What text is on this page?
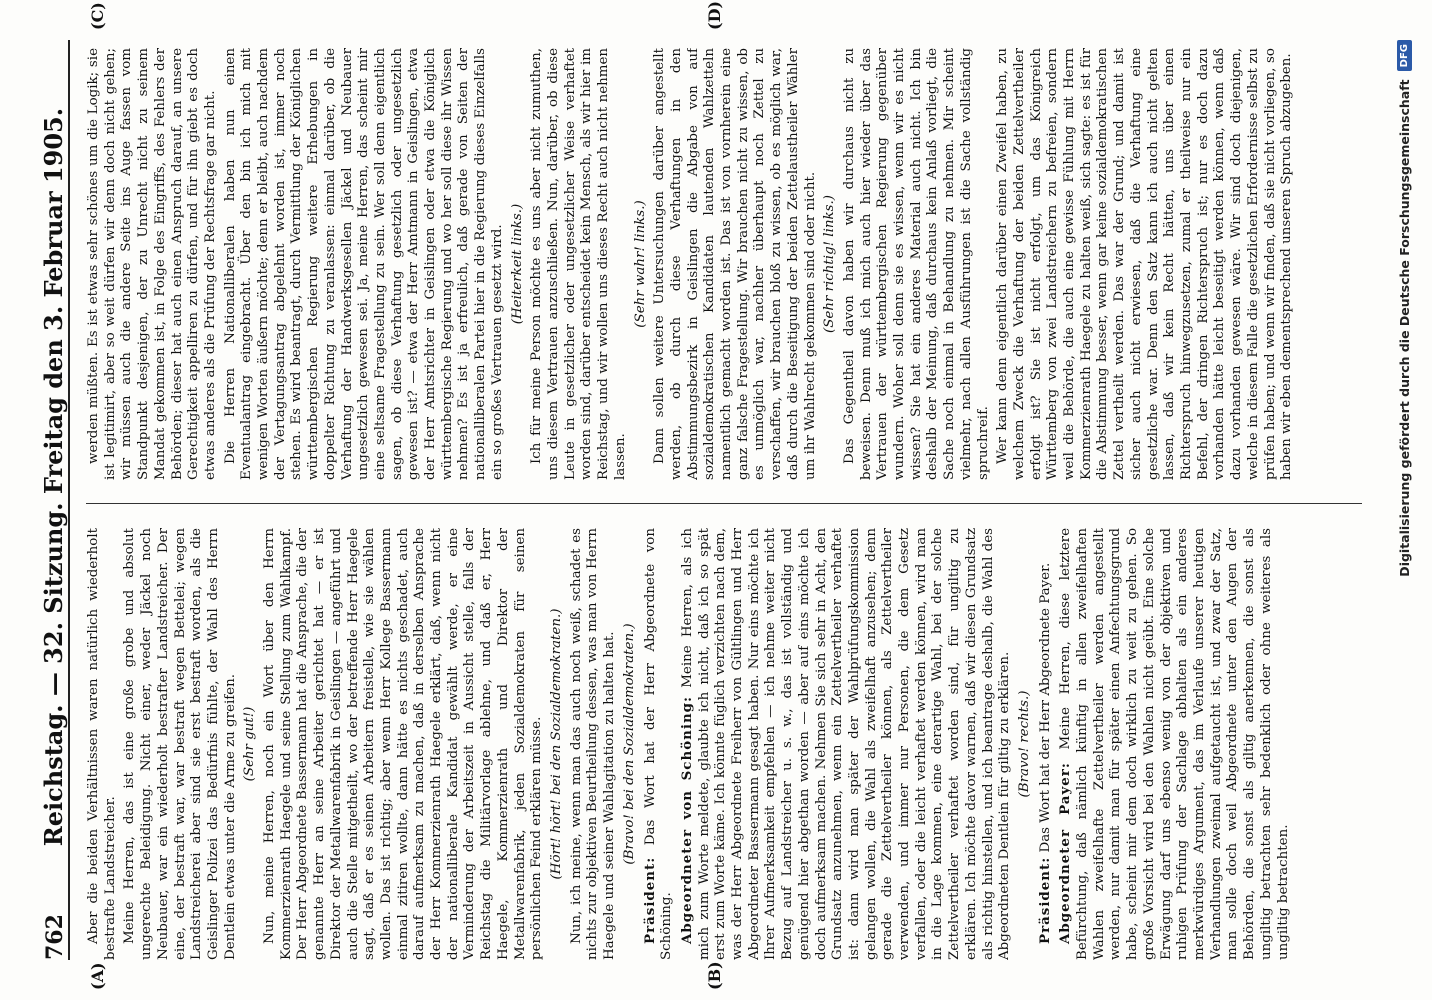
762
Reichstag. — 32. Sitzung. Freitag den 3. Februar 1905.
(A)	(B)
(C)	(D)

Aber die beiden Verhältnissen waren natürlich wiederholt bestrafte Landstreicher. Meine Herren, das ist eine große grobe und absolut ungerechte Beleidigung. Nicht einer, weder Jäckel noch Neubauer, war ein wiederholt bestrafter Landstreicher. Der eine, der bestraft war, war bestraft wegen Bettelei; wegen Landstreicherei aber sind sie erst bestraft worden, als die Geislinger Polizei das Bedürfnis fühlte, der Wahl des Herrn Dentlein etwas unter die Arme zu greifen. (Sehr gut!) Nun, meine Herren, noch ein Wort über den Herrn Kommerzienrath Haegele und seine Stellung zum Wahlkampf. Der Herr Abgeordnete Bassermann hat die Ansprache, die der genannte Herr an seine Arbeiter gerichtet hat — er ist Direktor der Metallwarenfabrik in Geislingen — angeführt und auch die Stelle mitgetheilt, wo der betreffende Herr Haegele sagt, daß er es seinen Arbeitern freistelle, wie sie wählen wollen. Das ist richtig; aber wenn Herr Kollege Bassermann einmal zitiren wollte, dann hätte es nichts geschadet, auch darauf aufmerksam zu machen, daß in derselben Ansprache der Herr Kommerzienrath Haegele erklärt, daß, wenn nicht der nationalliberale Kandidat gewählt werde, er eine Verminderung der Arbeitszeit in Aussicht stelle, falls der Reichstag die Militärvorlage ablehne, und daß er, Herr Haegele, Kommerzienrath und Direktor der Metallwarenfabrik, jeden Sozialdemokraten für seinen persönlichen Feind erklären müsse. (Hört! hört! bei den Sozialdemokraten.) Nun, ich meine, wenn man das auch noch weiß, schadet es nichts zur objektiven Beurtheilung dessen, was man von Herrn Haegele und seiner Wahlagitation zu halten hat. (Bravo! bei den Sozialdemokraten.)

Präsident: Das Wort hat der Herr Abgeordnete von Schöning. Abgeordneter von Schöning: Meine Herren, als ich mich zum Worte meldete, glaubte ich nicht, daß ich so spät erst zum Worte käme. Ich könnte füglich verzichten nach dem, was der Herr Abgeordnete Freiherr von Gültlingen und Herr Abgeordneter Bassermann gesagt haben. Nur eins möchte ich Ihrer Aufmerksamkeit empfehlen — ich nehme weiter nicht Bezug auf Landstreicher u. s. w., das ist vollständig und genügend hier abgethan worden — aber auf eins möchte ich doch aufmerksam machen. Nehmen Sie sich sehr in Acht, den Grundsatz anzunehmen, wenn ein Zettelvertheiler verhaftet ist: dann wird man später der Wahlprüfungskommission gelangen wollen, die Wahl als zweifelhaft anzusehen; denn gerade die Zettelvertheiler können, als Zettelvertheiler verwenden, und immer nur Personen, die dem Gesetz verfallen, oder die leicht verhaftet werden können, wird man in die Lage kommen, eine derartige Wahl, bei der solche Zettelvertheiler verhaftet worden sind, für ungiltig zu erklären. Ich möchte davor warnen, daß wir diesen Grundsatz als richtig hinstellen, und ich beantrage deshalb, die Wahl des Abgeordneten Dentlein für giltig zu erklären. (Bravo! rechts.)

Präsident: Das Wort hat der Herr Abgeordnete Payer.

Abgeordneter Payer: Meine Herren, diese letztere Befürchtung, daß nämlich künftig in allen zweifelhaften Wahlen zweifelhafte Zettelvertheiler werden angestellt werden, nur damit man für später einen Anfechtungsgrund habe, scheint mir dem doch wirklich zu weit zu gehen. So große Vorsicht wird bei den Wahlen nicht geübt. Eine solche Erwägung darf uns ebenso wenig von der objektiven und ruhigen Prüfung der Sachlage abhalten als ein anderes merkwürdiges Argument, das im Verlaufe unserer heutigen Verhandlungen zweimal aufgetaucht ist, und zwar der Satz, man solle doch weil Abgeordnete unter den Augen der Behörden, die sonst als giltig anerkennen, die sonst als ungiltig betrachten sehr bedenklich oder ohne weiteres als ungiltig betrachten.

werden müßten. Es ist etwas sehr schönes um die Logik; sie ist legitimirt, aber so weit dürfen wir denn doch nicht gehen; wir müssen auch die andere Seite ins Auge fassen vom Standpunkt desjenigen, der zu Unrecht nicht zu seinem Mandat gekommen ist, in Folge des Eingriffs, des Fehlers der Behörden; dieser hat auch einen Anspruch darauf, an unsere Gerechtigkeit appelliren zu dürfen, und für ihn giebt es doch etwas anderes als die Prüfung der Rechtsfrage gar nicht. Die Herren Nationalliberalen haben nun einen Eventualantrag eingebracht. Über den bin ich mich mit wenigen Worten äußern möchte; denn er bleibt, auch nachdem der Vertagungsantrag abgelehnt worden ist, immer noch stehen. Es wird beantragt, durch Vermittlung der Königlichen württembergischen Regierung weitere Erhebungen in doppelter Richtung zu veranlassen: einmal darüber, ob die Verhaftung der Handwerksgesellen Jäckel und Neubauer ungesetzlich gewesen sei. Ja, meine Herren, das scheint mir eine seltsame Fragestellung zu sein. Wer soll denn eigentlich sagen, ob diese Verhaftung gesetzlich oder ungesetzlich gewesen ist? — etwa der Herr Amtmann in Geislingen, etwa der Herr Amtsrichter in Geislingen oder etwa die Königlich württembergische Regierung und wo her soll diese ihr Wissen nehmen? Es ist ja erfreulich, daß gerade von Seiten der nationalliberalen Partei hier in die Regierung dieses Einzelfalls ein so großes Vertrauen gesetzt wird. (Heiterkeit links.) Ich für meine Person möchte es uns aber nicht zumuthen, uns diesem Vertrauen anzuschließen. Nun, darüber, ob diese Leute in gesetzlicher oder ungesetzlicher Weise verhaftet worden sind, darüber entscheidet kein Mensch, als wir hier im Reichstag, und wir wollen uns dieses Recht auch nicht nehmen lassen.

(Sehr wahr! links.) Dann sollen weitere Untersuchungen darüber angestellt werden, ob durch diese Verhaftungen in den Abstimmungsbezirk in Geislingen die Abgabe von auf sozialdemokratischen Kandidaten lautenden Wahlzetteln namentlich gemacht worden ist. Das ist von vornherein eine ganz falsche Fragestellung. Wir brauchen nicht zu wissen, ob es unmöglich war, nachher überhaupt noch Zettel zu verschaffen, wir brauchen bloß zu wissen, ob es möglich war, daß durch die Beseitigung der beiden Zettelaustheiler Wähler um ihr Wahlrecht gekommen sind oder nicht. (Sehr richtig! links.) Das Gegentheil davon haben wir durchaus nicht zu beweisen. Denn muß ich mich auch hier wieder über das Vertrauen der württembergischen Regierung gegenüber wundern. Woher soll denn sie es wissen, wenn wir es nicht wissen? Sie hat ein anderes Material auch nicht. Ich bin deshalb der Meinung, daß durchaus kein Anlaß vorliegt, die Sache noch einmal in Behandlung zu nehmen. Mir scheint vielmehr, nach allen Ausführungen ist die Sache vollständig spruchreif. Wer kann denn eigentlich darüber einen Zweifel haben, zu welchem Zweck die Verhaftung der beiden Zettelvertheiler erfolgt ist? Sie ist nicht erfolgt, um das Königreich Württemberg von zwei Landstreichern zu befreien, sondern weil die Behörde, die auch eine gewisse Fühlung mit Herrn Kommerzienrath Haegele zu halten weiß, sich sagte: es ist für die Abstimmung besser, wenn gar keine sozialdemokratischen Zettel vertheilt werden. Das war der Grund; und damit ist sicher auch nicht erwiesen, daß die Verhaftung eine gesetzliche war. Denn den Satz kann ich auch nicht gelten lassen, daß wir kein Recht hätten, uns über einen Richterspruch hinwegzusetzen, zumal er theilweise nur ein Befehl, der dringen Richterspruch ist; nur es doch dazu vorhanden hätte leicht beseitigt werden können, wenn daß dazu vorhanden gewesen wäre. Wir sind doch diejenigen, welche in diesem Falle die gesetzlichen Erfordernisse selbst zu prüfen haben; und wenn wir finden, daß sie nicht vorliegen, so haben wir eben dementsprechend unseren Spruch abzugeben.	Digitalisierung gefördert durch die Deutsche Forschungsgemeinschaft
DFG
